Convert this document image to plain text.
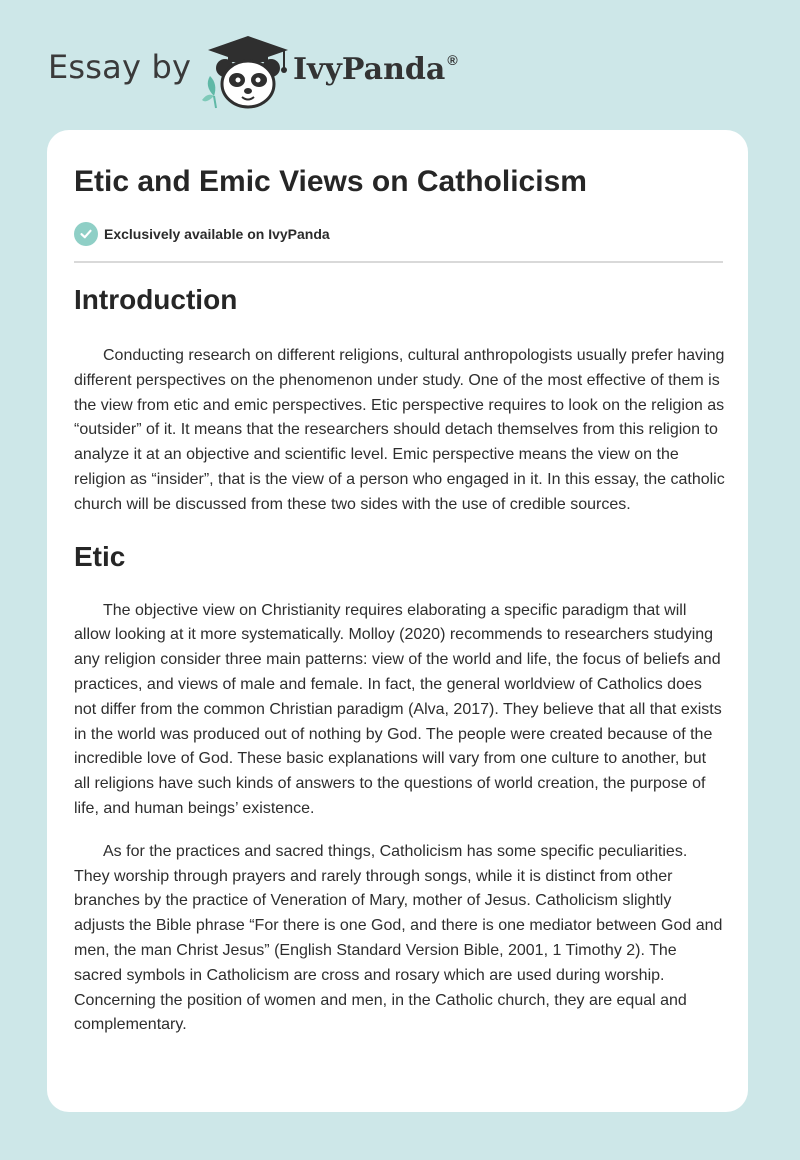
Essay by	IvyPanda ®
Etic and Emic Views on Catholicism
Exclusively available on IvyPanda
Introduction

Conducting research on different religions, cultural anthropologists usually prefer having different perspectives on the phenomenon under study. One of the most effective of them is the view from etic and emic perspectives. Etic perspective requires to look on the religion as “outsider” of it. It means that the researchers should detach themselves from this religion to analyze it at an objective and scientific level. Emic perspective means the view on the religion as “insider”, that is the view of a person who engaged in it. In this essay, the catholic church will be discussed from these two sides with the use of credible sources.

Etic

The objective view on Christianity requires elaborating a specific paradigm that will allow looking at it more systematically. Molloy (2020) recommends to researchers studying any religion consider three main patterns: view of the world and life, the focus of beliefs and practices, and views of male and female. In fact, the general worldview of Catholics does not differ from the common Christian paradigm (Alva, 2017). They believe that all that exists in the world was produced out of nothing by God. The people were created because of the incredible love of God. These basic explanations will vary from one culture to another, but all religions have such kinds of answers to the questions of world creation, the purpose of life, and human beings’ existence.

As for the practices and sacred things, Catholicism has some specific peculiarities. They worship through prayers and rarely through songs, while it is distinct from other branches by the practice of Veneration of Mary, mother of Jesus. Catholicism slightly adjusts the Bible phrase “For there is one God, and there is one mediator between God and men, the man Christ Jesus” (English Standard Version Bible, 2001, 1 Timothy 2). The sacred symbols in Catholicism are cross and rosary which are used during worship. Concerning the position of women and men, in the Catholic church, they are equal and complementary.
